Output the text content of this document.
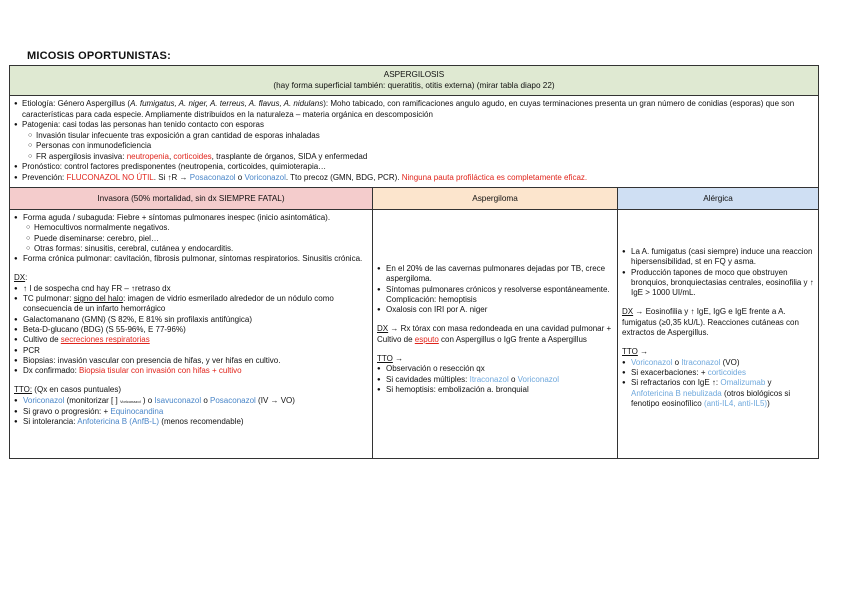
MICOSIS OPORTUNISTAS:
ASPERGILOSIS
(hay forma superficial también: queratitis, otitis externa) (mirar tabla diapo 22)
● Etiología: Género Aspergillus (A. fumigatus, A. niger, A. terreus, A. flavus, A. nidulans): Moho tabicado, con ramificaciones angulo agudo, en cuyas terminaciones presenta un gran número de conidias (esporas) que son características para cada especie. Ampliamente distribuidos en la naturaleza – materia orgánica en descomposición
● Patogenia: casi todas las personas han tenido contacto con esporas
○ Invasión tisular infecuente tras exposición a gran cantidad de esporas inhaladas
○ Personas con inmunodeficiencia
○ FR aspergilosis invasiva: neutropenia, corticoides, trasplante de órganos, SIDA y enfermedad
● Pronóstico: control factores predisponentes (neutropenia, corticoides, quimioterapia…
● Prevención: FLUCONAZOL NO ÚTIL. Si ↑R → Posaconazol o Voriconazol. Tto precoz (GMN, BDG, PCR). Ninguna pauta profiláctica es completamente eficaz.
Invasora (50% mortalidad, sin dx SIEMPRE FATAL)
● Forma aguda / subaguda: Fiebre + síntomas pulmonares inespec (inicio asintomática).
○ Hemocultivos normalmente negativos.
○ Puede diseminarse: cerebro, piel…
○ Otras formas: sinusitis, cerebral, cutánea y endocarditis.
● Forma crónica pulmonar: cavitación, fibrosis pulmonar, síntomas respiratorios. Sinusitis crónica.
DX:
● ↑ I de sospecha cnd hay FR – ↑retraso dx
● TC pulmonar: signo del halo: imagen de vidrio esmerilado alrededor de un nódulo como consecuencia de un infarto hemorrágico
● Galactomanano (GMN) (S 82%, E 81% sin profilaxis antifúngica)
● Beta-D-glucano (BDG) (S 55-96%, E 77-96%)
● Cultivo de secreciones respiratorias
● PCR
● Biopsias: invasión vascular con presencia de hifas, y ver hifas en cultivo.
● Dx confirmado: Biopsia tisular con invasión con hifas + cultivo
TTO: (Qx en casos puntuales)
● Voriconazol (monitorizar [ ] Voriconazol ) o Isavuconazol o Posaconazol (IV → VO)
● Si gravo o progresión: + Equinocandina
● Si intolerancia: Anfotericina B (AnfB-L) (menos recomendable)
Aspergiloma
● En el 20% de las cavernas pulmonares dejadas por TB, crece aspergiloma.
● Síntomas pulmonares crónicos y resolverse espontáneamente. Complicación: hemoptisis
● Oxalosis con IRI por A. niger
DX → Rx tórax con masa redondeada en una cavidad pulmonar + Cultivo de esputo con Aspergillus o IgG frente a Aspergillus
TTO →
● Observación o resección qx
● Si cavidades múltiples: Itraconazol o Voriconazol
● Si hemoptisis: embolización a. bronquial
Alérgica
● La A. fumigatus (casi siempre) induce una reaccion hipersensibilidad, st en FQ y asma.
● Producción tapones de moco que obstruyen bronquios, bronquiectasias centrales, eosinofilia y ↑ IgE > 1000 UI/mL.
DX → Eosinofilia y ↑ IgE, IgG e IgE frente a A. fumigatus (≥0,35 kU/L). Reacciones cutáneas con extractos de Aspergillus.
TTO →
● Voriconazol o Itraconazol (VO)
● Si exacerbaciones: + corticoides
● Si refractarios con IgE ↑: Omalizumab y Anfotericina B nebulizada (otros biológicos si fenotipo eosinofílico (anti-IL4, anti-IL5))
